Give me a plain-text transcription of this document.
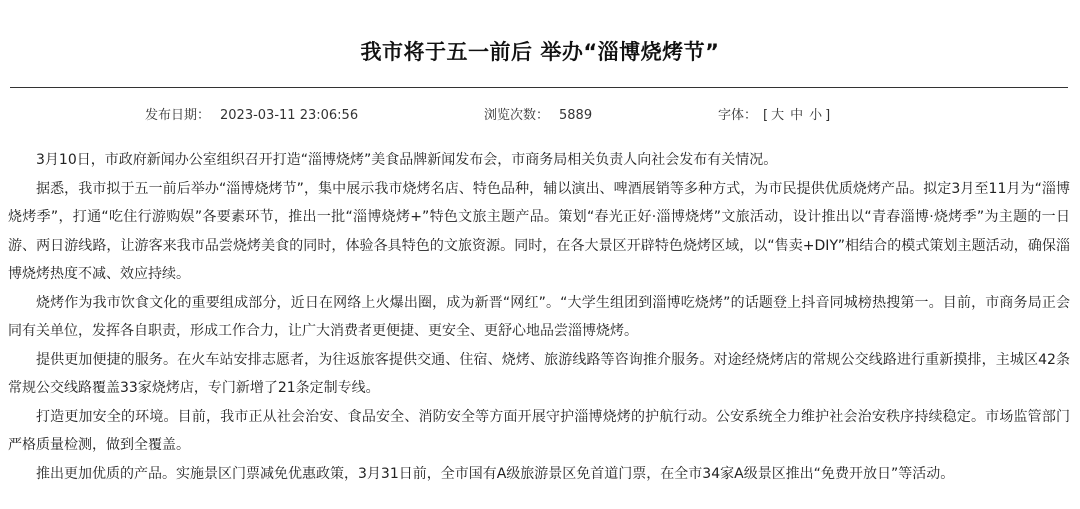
我市将于五一前后 举办“淄博烧烤节”
发布日期： 2023-03-11 23:06:56	浏览次数： 5889	字体： [ 大 中 小 ]

3月10日，市政府新闻办公室组织召开打造“淄博烧烤”美食品牌新闻发布会，市商务局相关负责人向社会发布有关情况。

据悉，我市拟于五一前后举办“淄博烧烤节”，集中展示我市烧烤名店、特色品种，辅以演出、啤酒展销等多种方式，为市民提供优质烧烤产品。拟定3月至11月为“淄博烧烤季”，打通“吃住行游购娱”各要素环节，推出一批“淄博烧烤+”特色文旅主题产品。策划“春光正好·淄博烧烤”文旅活动，设计推出以“青春淄博·烧烤季”为主题的一日游、两日游线路，让游客来我市品尝烧烤美食的同时，体验各具特色的文旅资源。同时，在各大景区开辟特色烧烤区域，以“售卖+DIY”相结合的模式策划主题活动，确保淄博烧烤热度不减、效应持续。

烧烤作为我市饮食文化的重要组成部分，近日在网络上火爆出圈，成为新晋“网红”。“大学生组团到淄博吃烧烤”的话题登上抖音同城榜热搜第一。目前，市商务局正会同有关单位，发挥各自职责，形成工作合力，让广大消费者更便捷、更安全、更舒心地品尝淄博烧烤。

提供更加便捷的服务。在火车站安排志愿者，为往返旅客提供交通、住宿、烧烤、旅游线路等咨询推介服务。对途经烧烤店的常规公交线路进行重新摸排，主城区42条常规公交线路覆盖33家烧烤店，专门新增了21条定制专线。

打造更加安全的环境。目前，我市正从社会治安、食品安全、消防安全等方面开展守护淄博烧烤的护航行动。公安系统全力维护社会治安秩序持续稳定。市场监管部门严格质量检测，做到全覆盖。

推出更加优质的产品。实施景区门票减免优惠政策，3月31日前，全市国有A级旅游景区免首道门票，在全市34家A级景区推出“免费开放日”等活动。
